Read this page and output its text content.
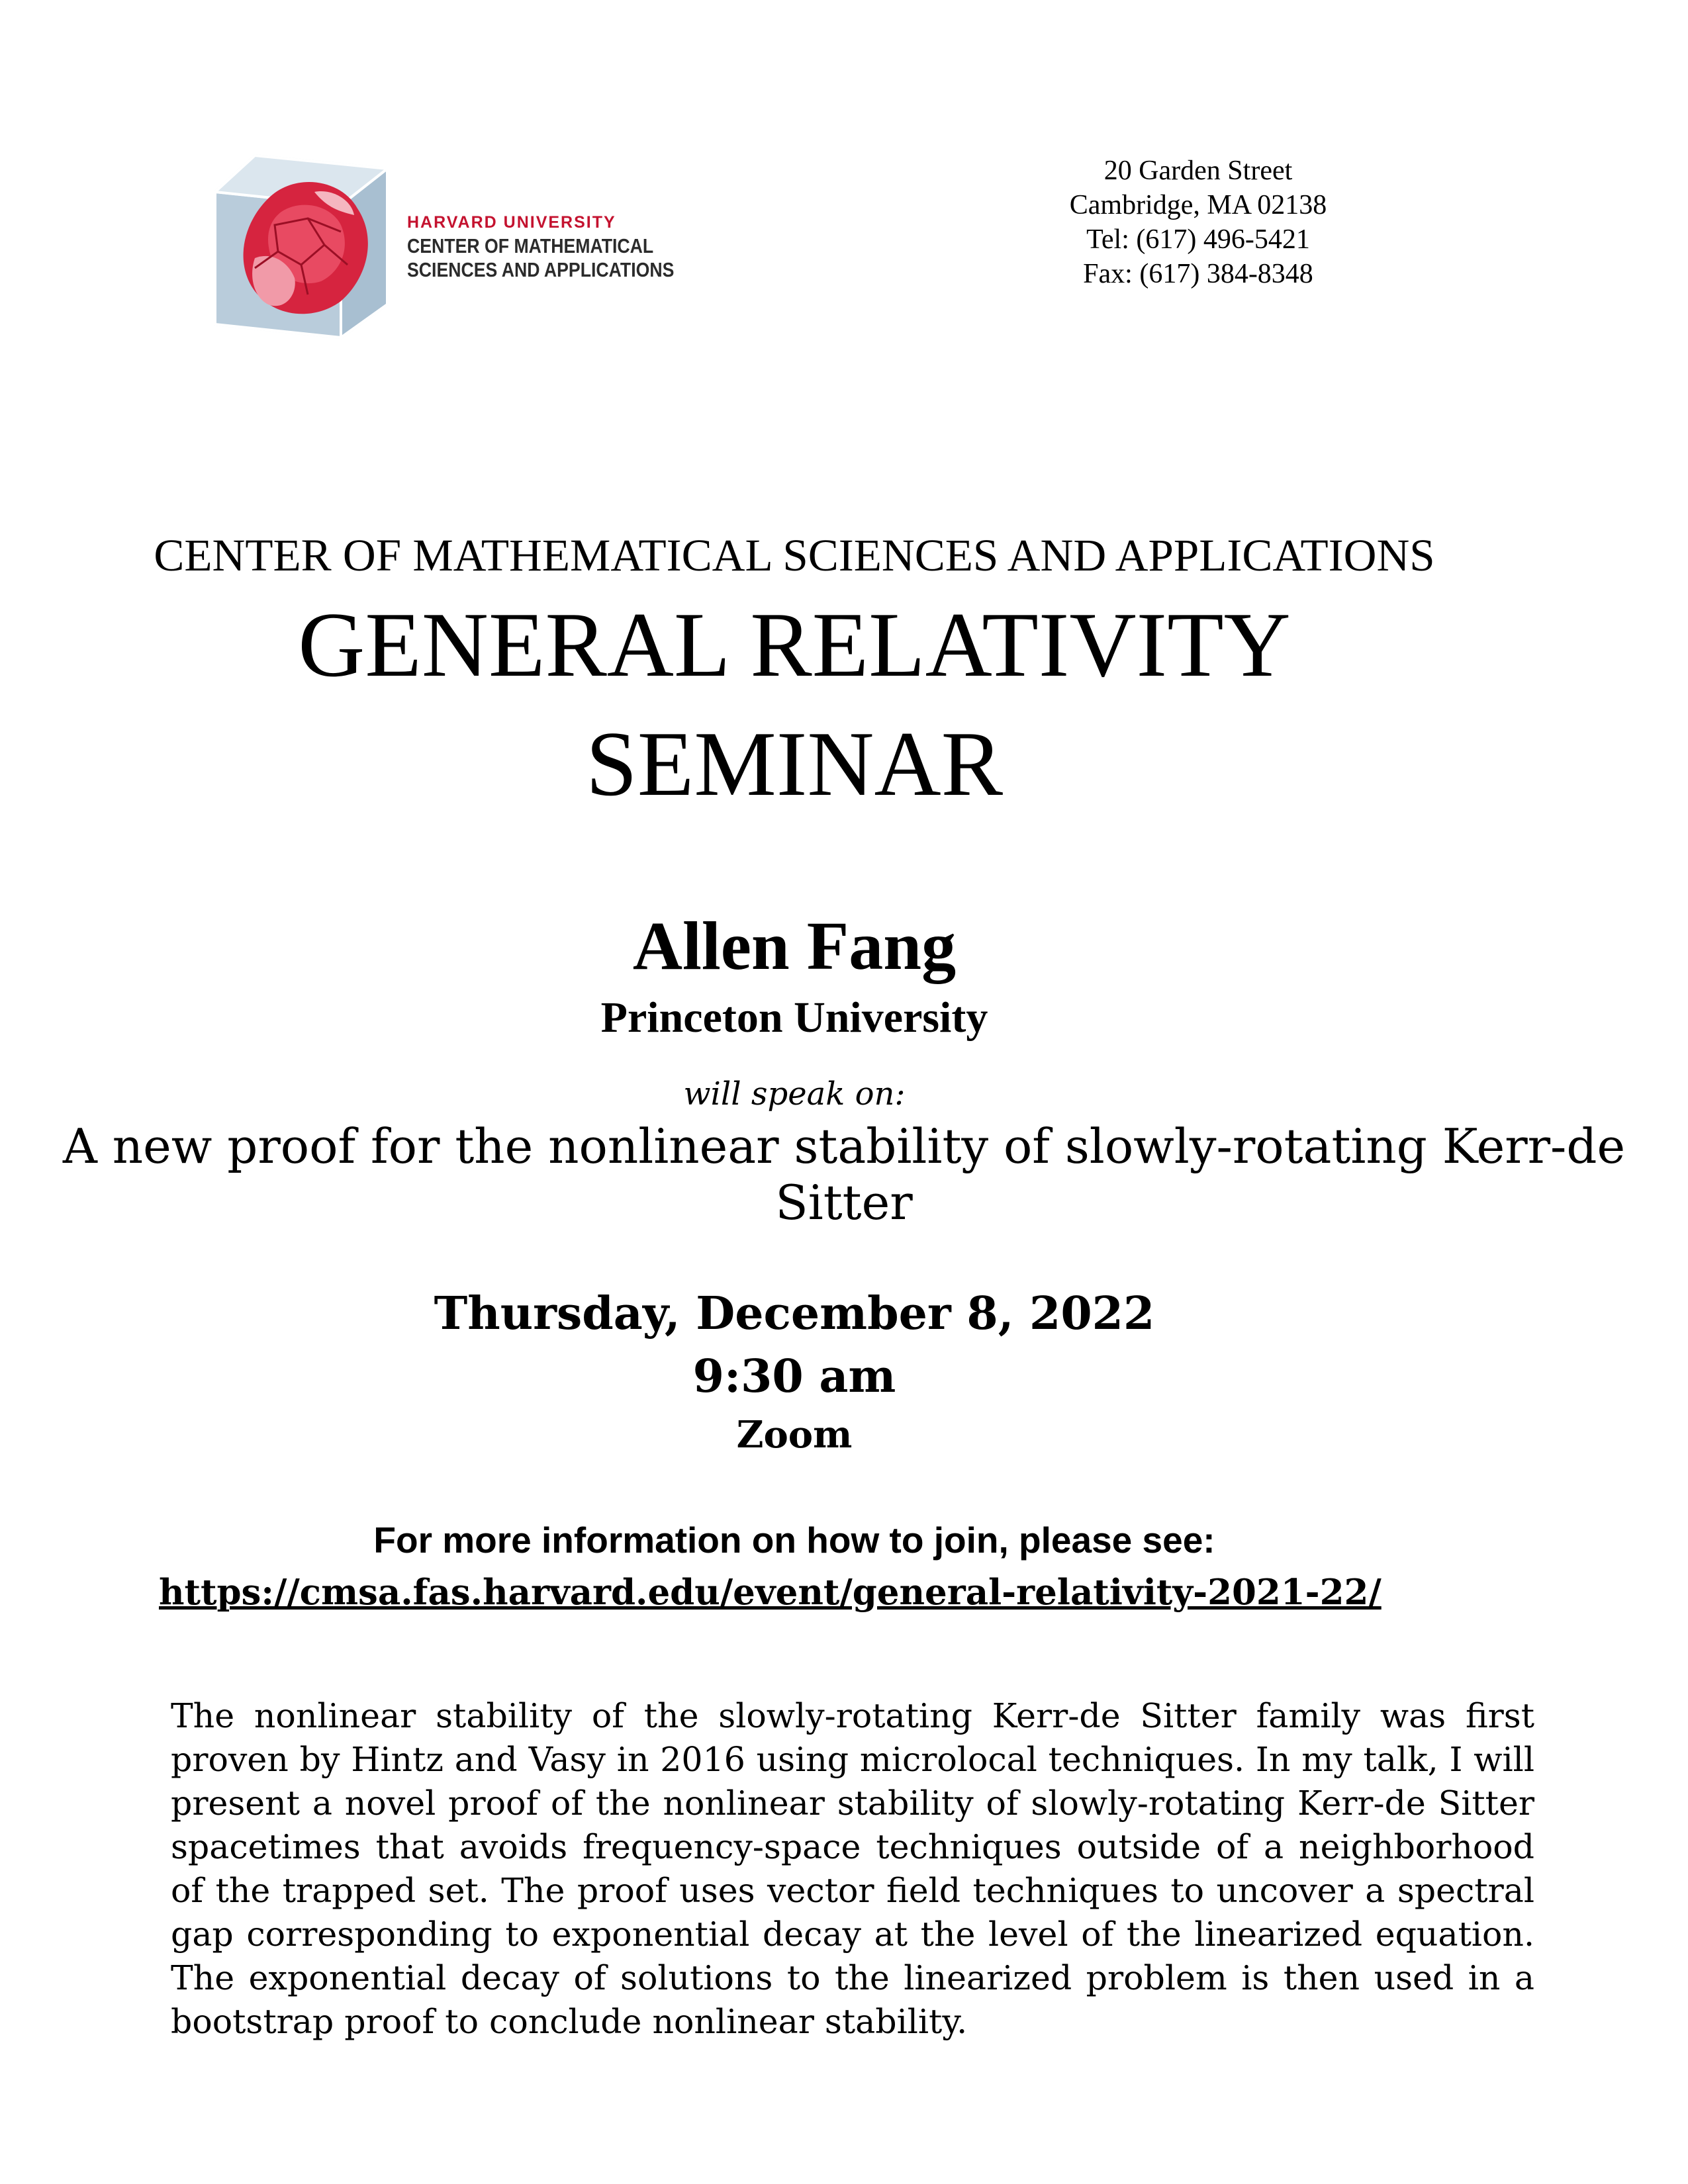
HARVARD UNIVERSITY
CENTER OF MATHEMATICAL
SCIENCES AND APPLICATIONS
20 Garden Street
Cambridge, MA 02138
Tel: (617) 496-5421
Fax: (617) 384-8348
CENTER OF MATHEMATICAL SCIENCES AND APPLICATIONS
GENERAL RELATIVITY
SEMINAR
Allen Fang
Princeton University
will speak on:
A new proof for the nonlinear stability of slowly-rotating Kerr-de
Sitter
Thursday, December 8, 2022
9:30 am
Zoom
For more information on how to join, please see:
https://cmsa.fas.harvard.edu/event/general-relativity-2021-22/
The nonlinear stability of the slowly-rotating Kerr-de Sitter family was first proven by Hintz and Vasy in 2016 using microlocal techniques. In my talk, I will present a novel proof of the nonlinear stability of slowly-rotating Kerr-de Sitter spacetimes that avoids frequency-space techniques outside of a neighborhood of the trapped set. The proof uses vector field techniques to uncover a spectral gap corresponding to exponential decay at the level of the linearized equation. The exponential decay of solutions to the linearized problem is then used in a bootstrap proof to conclude nonlinear stability.
